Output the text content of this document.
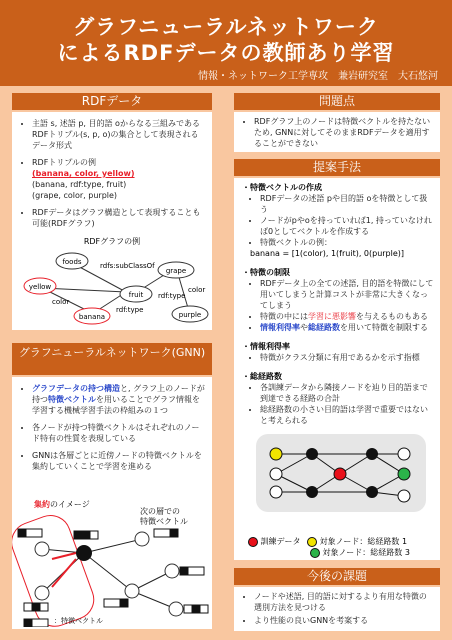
グラフニューラルネットワーク
によるRDFデータの教師あり学習
情報・ネットワーク工学専攻　兼岩研究室　大石悠河
RDFデータ
• 主語 s, 述語 p, 目的語 oからなる三組みであるRDFトリプル(s, p, o)の集合として表現されるデータ形式
• RDFトリプルの例
(banana, color, yellow)
(banana, rdf:type, fruit)
(grape, color, purple)
• RDFデータはグラフ構造として表現することも可能(RDFグラフ)
RDFグラフの例
foods	rdfs:subClassOf
grape
yellow
color
fruit rdf:type
color
banana
rdf:type
purple
グラフニューラルネットワーク(GNN)
• グラフデータの持つ構造と, グラフ上のノードが持つ特徴ベクトルを用いることでグラフ情報を学習する機械学習手法の枠組みの１つ
• 各ノードが持つ特徴ベクトルはそれぞれのノード特有の性質を表現している
• GNNは各層ごとに近傍ノードの特徴ベクトルを集約していくことで学習を進める
集約のイメージ
次の層での
特徴ベクトル
：特徴ベクトル
問題点
• RDFグラフ上のノードは特徴ベクトルを持たないため, GNNに対してそのままRDFデータを適用することができない
提案手法
・特徴ベクトルの作成
• RDFデータの述語 pや目的語 oを特徴として扱う
• ノードがpやoを持っていれば1, 持っていなければ0としてベクトルを作成する
• 特徴ベクトルの例：
banana = [1(color), 1(fruit), 0(purple)]
・特徴の制限
• RDFデータ上の全ての述語, 目的語を特徴にして用いてしまうと計算コストが非常に大きくなってしまう
• 特徴の中には学習に悪影響を与えるものもある
• 情報利得率や総経路数を用いて特徴を制限する
・情報利得率
• 特徴がクラス分類に有用であるかを示す指標
・総経路数
• 各訓練データから隣接ノードを辿り目的語まで到達できる経路の合計
• 総経路数の小さい目的語は学習で重要ではないと考えられる
訓練データ 対象ノード：総経路数 1
対象ノード：総経路数 3
今後の課題
• ノードや述語, 目的語に対するより有用な特徴の選別方法を見つける
• より性能の良いGNNを考案する
